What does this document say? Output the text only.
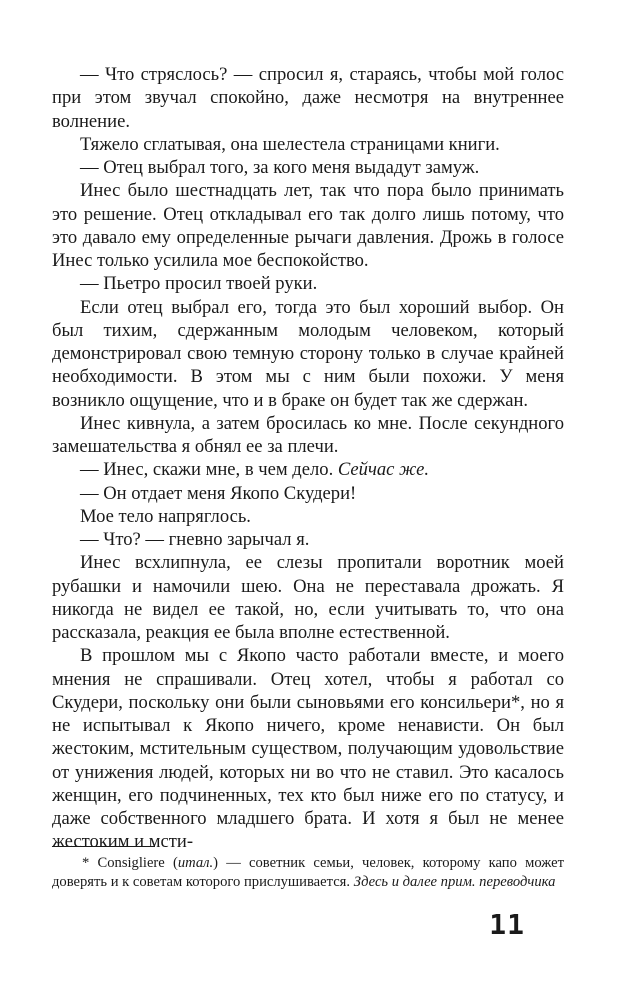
— Что стряслось? — спросил я, стараясь, чтобы мой голос при этом звучал спокойно, даже несмотря на внутреннее волнение.

Тяжело сглатывая, она шелестела страницами книги.

— Отец выбрал того, за кого меня выдадут замуж.

Инес было шестнадцать лет, так что пора было принимать это решение. Отец откладывал его так долго лишь потому, что это давало ему определенные рычаги давления. Дрожь в голосе Инес только усилила мое беспокойство.

— Пьетро просил твоей руки.

Если отец выбрал его, тогда это был хороший выбор. Он был тихим, сдержанным молодым человеком, который демонстрировал свою темную сторону только в случае крайней необходимости. В этом мы с ним были похожи. У меня возникло ощущение, что и в браке он будет так же сдержан.

Инес кивнула, а затем бросилась ко мне. После секундного замешательства я обнял ее за плечи.

— Инес, скажи мне, в чем дело. Сейчас же.

— Он отдает меня Якопо Скудери!

Мое тело напряглось.

— Что? — гневно зарычал я.

Инес всхлипнула, ее слезы пропитали воротник моей рубашки и намочили шею. Она не переставала дрожать. Я никогда не видел ее такой, но, если учитывать то, что она рассказала, реакция ее была вполне естественной.

В прошлом мы с Якопо часто работали вместе, и моего мнения не спрашивали. Отец хотел, чтобы я работал со Скудери, поскольку они были сыновьями его консильери*, но я не испытывал к Якопо ничего, кроме ненависти. Он был жестоким, мстительным существом, получающим удовольствие от унижения людей, которых ни во что не ставил. Это касалось женщин, его подчиненных, тех кто был ниже его по статусу, и даже собственного младшего брата. И хотя я был не менее жестоким и мсти-

* Consigliere (итал.) — советник семьи, человек, которому капо может доверять и к советам которого прислушивается. Здесь и далее прим. переводчика

11
